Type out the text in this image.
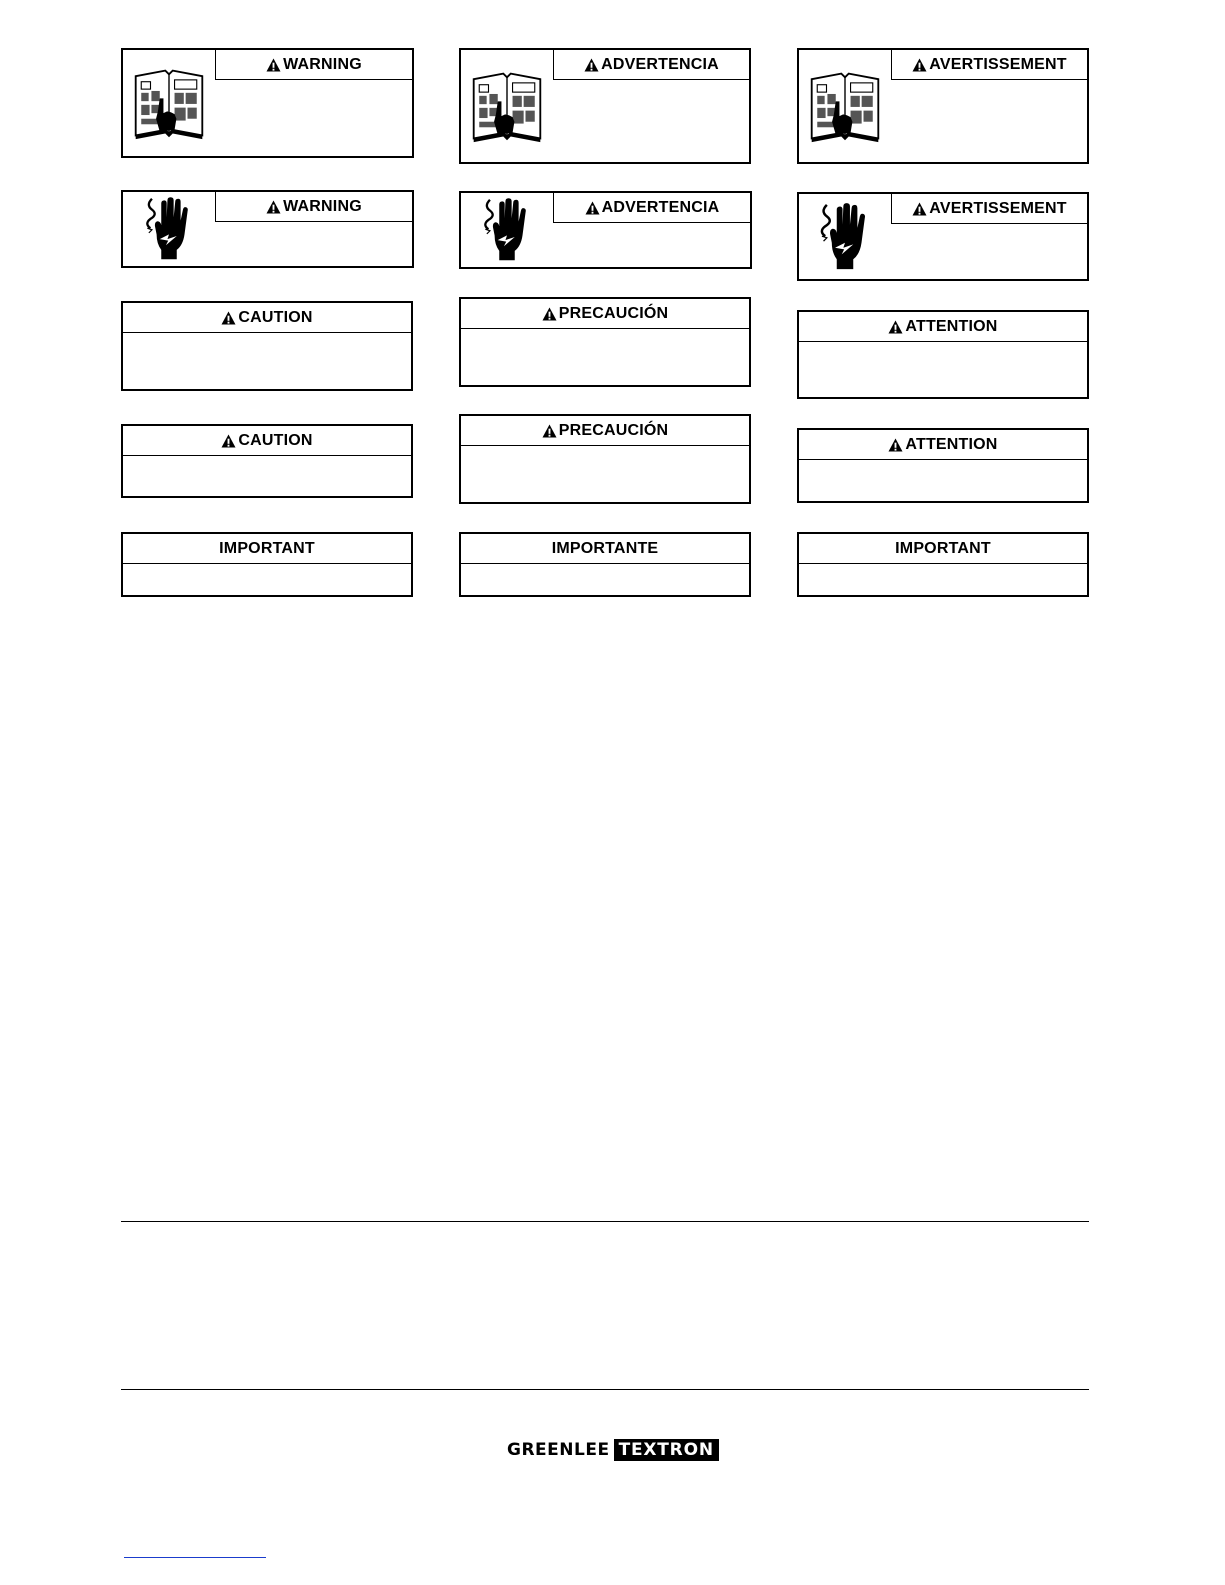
WARNING	ADVERTENCIA	AVERTISSEMENT
WARNING	ADVERTENCIA	AVERTISSEMENT
CAUTION	PRECAUCIÓN
ATTENTION
CAUTION
PRECAUCIÓN
ATTENTION
IMPORTANT	IMPORTANTE	IMPORTANT
GREENLEE TEXTRON
